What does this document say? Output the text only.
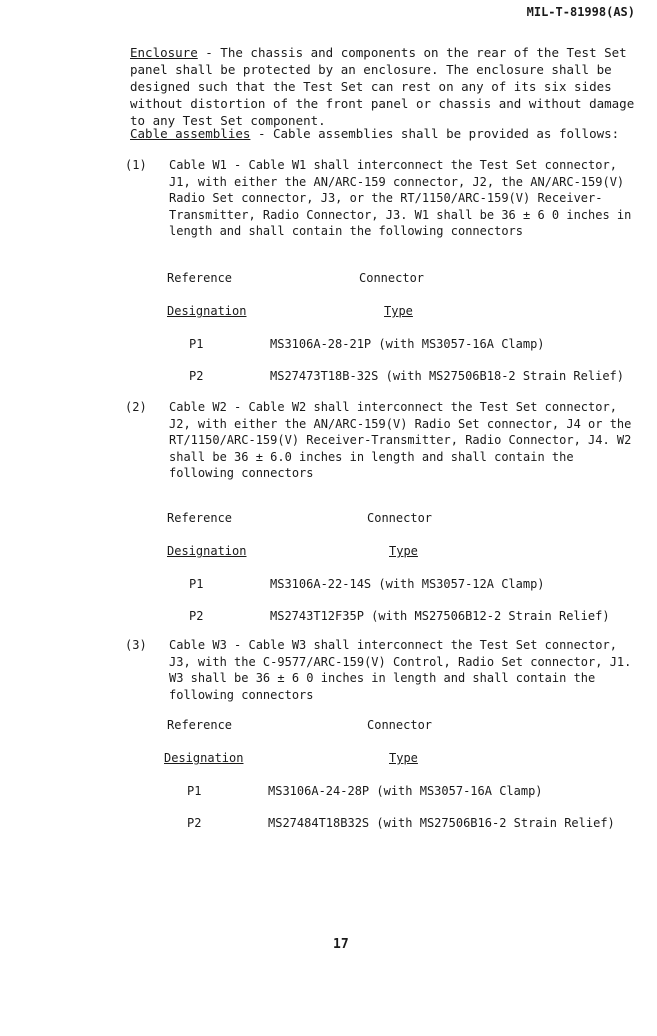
MIL-T-81998(AS)
Enclosure - The chassis and components on the rear of the Test Set panel shall be protected by an enclosure. The enclosure shall be designed such that the Test Set can rest on any of its six sides without distortion of the front panel or chassis and without damage to any Test Set component.
Cable assemblies - Cable assemblies shall be provided as follows:
(1) Cable W1 - Cable W1 shall interconnect the Test Set connector, J1, with either the AN/ARC-159 connector, J2, the AN/ARC-159(V) Radio Set connector, J3, or the RT/1150/ARC-159(V) Receiver-Transmitter, Radio Connector, J3. W1 shall be 36 ± 6 0 inches in length and shall contain the following connectors
Reference	Connector
Designation	Type
P1	MS3106A-28-21P (with MS3057-16A Clamp)
P2	MS27473T18B-32S (with MS27506B18-2 Strain Relief)
(2) Cable W2 - Cable W2 shall interconnect the Test Set connector, J2, with either the AN/ARC-159(V) Radio Set connector, J4 or the RT/1150/ARC-159(V) Receiver-Transmitter, Radio Connector, J4. W2 shall be 36 ± 6.0 inches in length and shall contain the following connectors
Reference	Connector
Designation	Type
P1	MS3106A-22-14S (with MS3057-12A Clamp)
P2	MS2743T12F35P (with MS27506B12-2 Strain Relief)
(3) Cable W3 - Cable W3 shall interconnect the Test Set connector, J3, with the C-9577/ARC-159(V) Control, Radio Set connector, J1. W3 shall be 36 ± 6 0 inches in length and shall contain the following connectors
Reference	Connector
Designation	Type
P1	MS3106A-24-28P (with MS3057-16A Clamp)
P2	MS27484T18B32S (with MS27506B16-2 Strain Relief)
17
